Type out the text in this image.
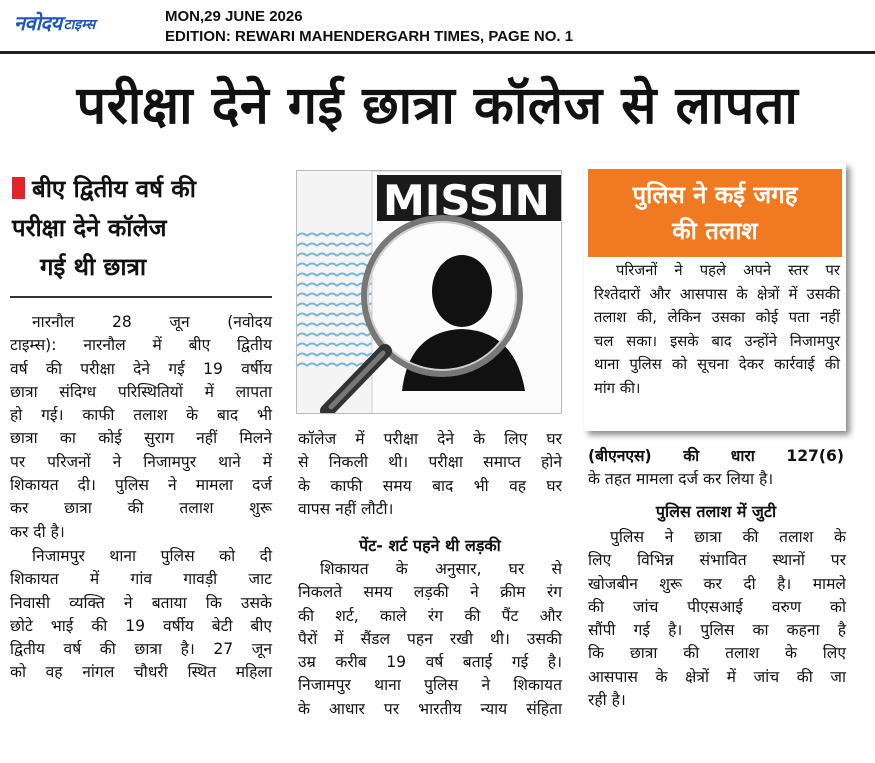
नवोदय टाइम्स	MON,29 JUNE 2026
EDITION: REWARI MAHENDERGARH TIMES, PAGE NO. 1
परीक्षा देने गई छात्रा कॉलेज से लापता
बीए द्वितीय वर्ष की
परीक्षा देने कॉलेज
गई थी छात्रा
नारनौल 28 जून (नवोदय
टाइम्स): नारनौल में बीए द्वितीय
वर्ष की परीक्षा देने गई 19 वर्षीय
छात्रा संदिग्ध परिस्थितियों में लापता
हो गई। काफी तलाश के बाद भी
छात्रा का कोई सुराग नहीं मिलने
पर परिजनों ने निजामपुर थाने में
शिकायत दी। पुलिस ने मामला दर्ज
कर छात्रा की तलाश शुरू
कर दी है।
निजामपुर थाना पुलिस को दी
शिकायत में गांव गावड़ी जाट
निवासी व्यक्ति ने बताया कि उसके
छोटे भाई की 19 वर्षीय बेटी बीए
द्वितीय वर्ष की छात्रा है। 27 जून
को वह नांगल चौधरी स्थित महिला
MISSIN
कॉलेज में परीक्षा देने के लिए घर
से निकली थी। परीक्षा समाप्त होने
के काफी समय बाद भी वह घर
वापस नहीं लौटी।
पेंट- शर्ट पहने थी लड़की
शिकायत के अनुसार, घर से
निकलते समय लड़की ने क्रीम रंग
की शर्ट, काले रंग की पैंट और
पैरों में सैंडल पहन रखी थी। उसकी
उम्र करीब 19 वर्ष बताई गई है।
निजामपुर थाना पुलिस ने शिकायत
के आधार पर भारतीय न्याय संहिता
पुलिस ने कई जगह
की तलाश
परिजनों ने पहले अपने स्तर पर
रिश्तेदारों और आसपास के क्षेत्रों में उसकी
तलाश की, लेकिन उसका कोई पता नहीं
चल सका। इसके बाद उन्होंने निजामपुर
थाना पुलिस को सूचना देकर कार्रवाई की
मांग की।
(बीएनएस) की धारा 127(6)
के तहत मामला दर्ज कर लिया है।
पुलिस तलाश में जुटी
पुलिस ने छात्रा की तलाश के
लिए विभिन्न संभावित स्थानों पर
खोजबीन शुरू कर दी है। मामले
की जांच पीएसआई वरुण को
सौंपी गई है। पुलिस का कहना है
कि छात्रा की तलाश के लिए
आसपास के क्षेत्रों में जांच की जा
रही है।
